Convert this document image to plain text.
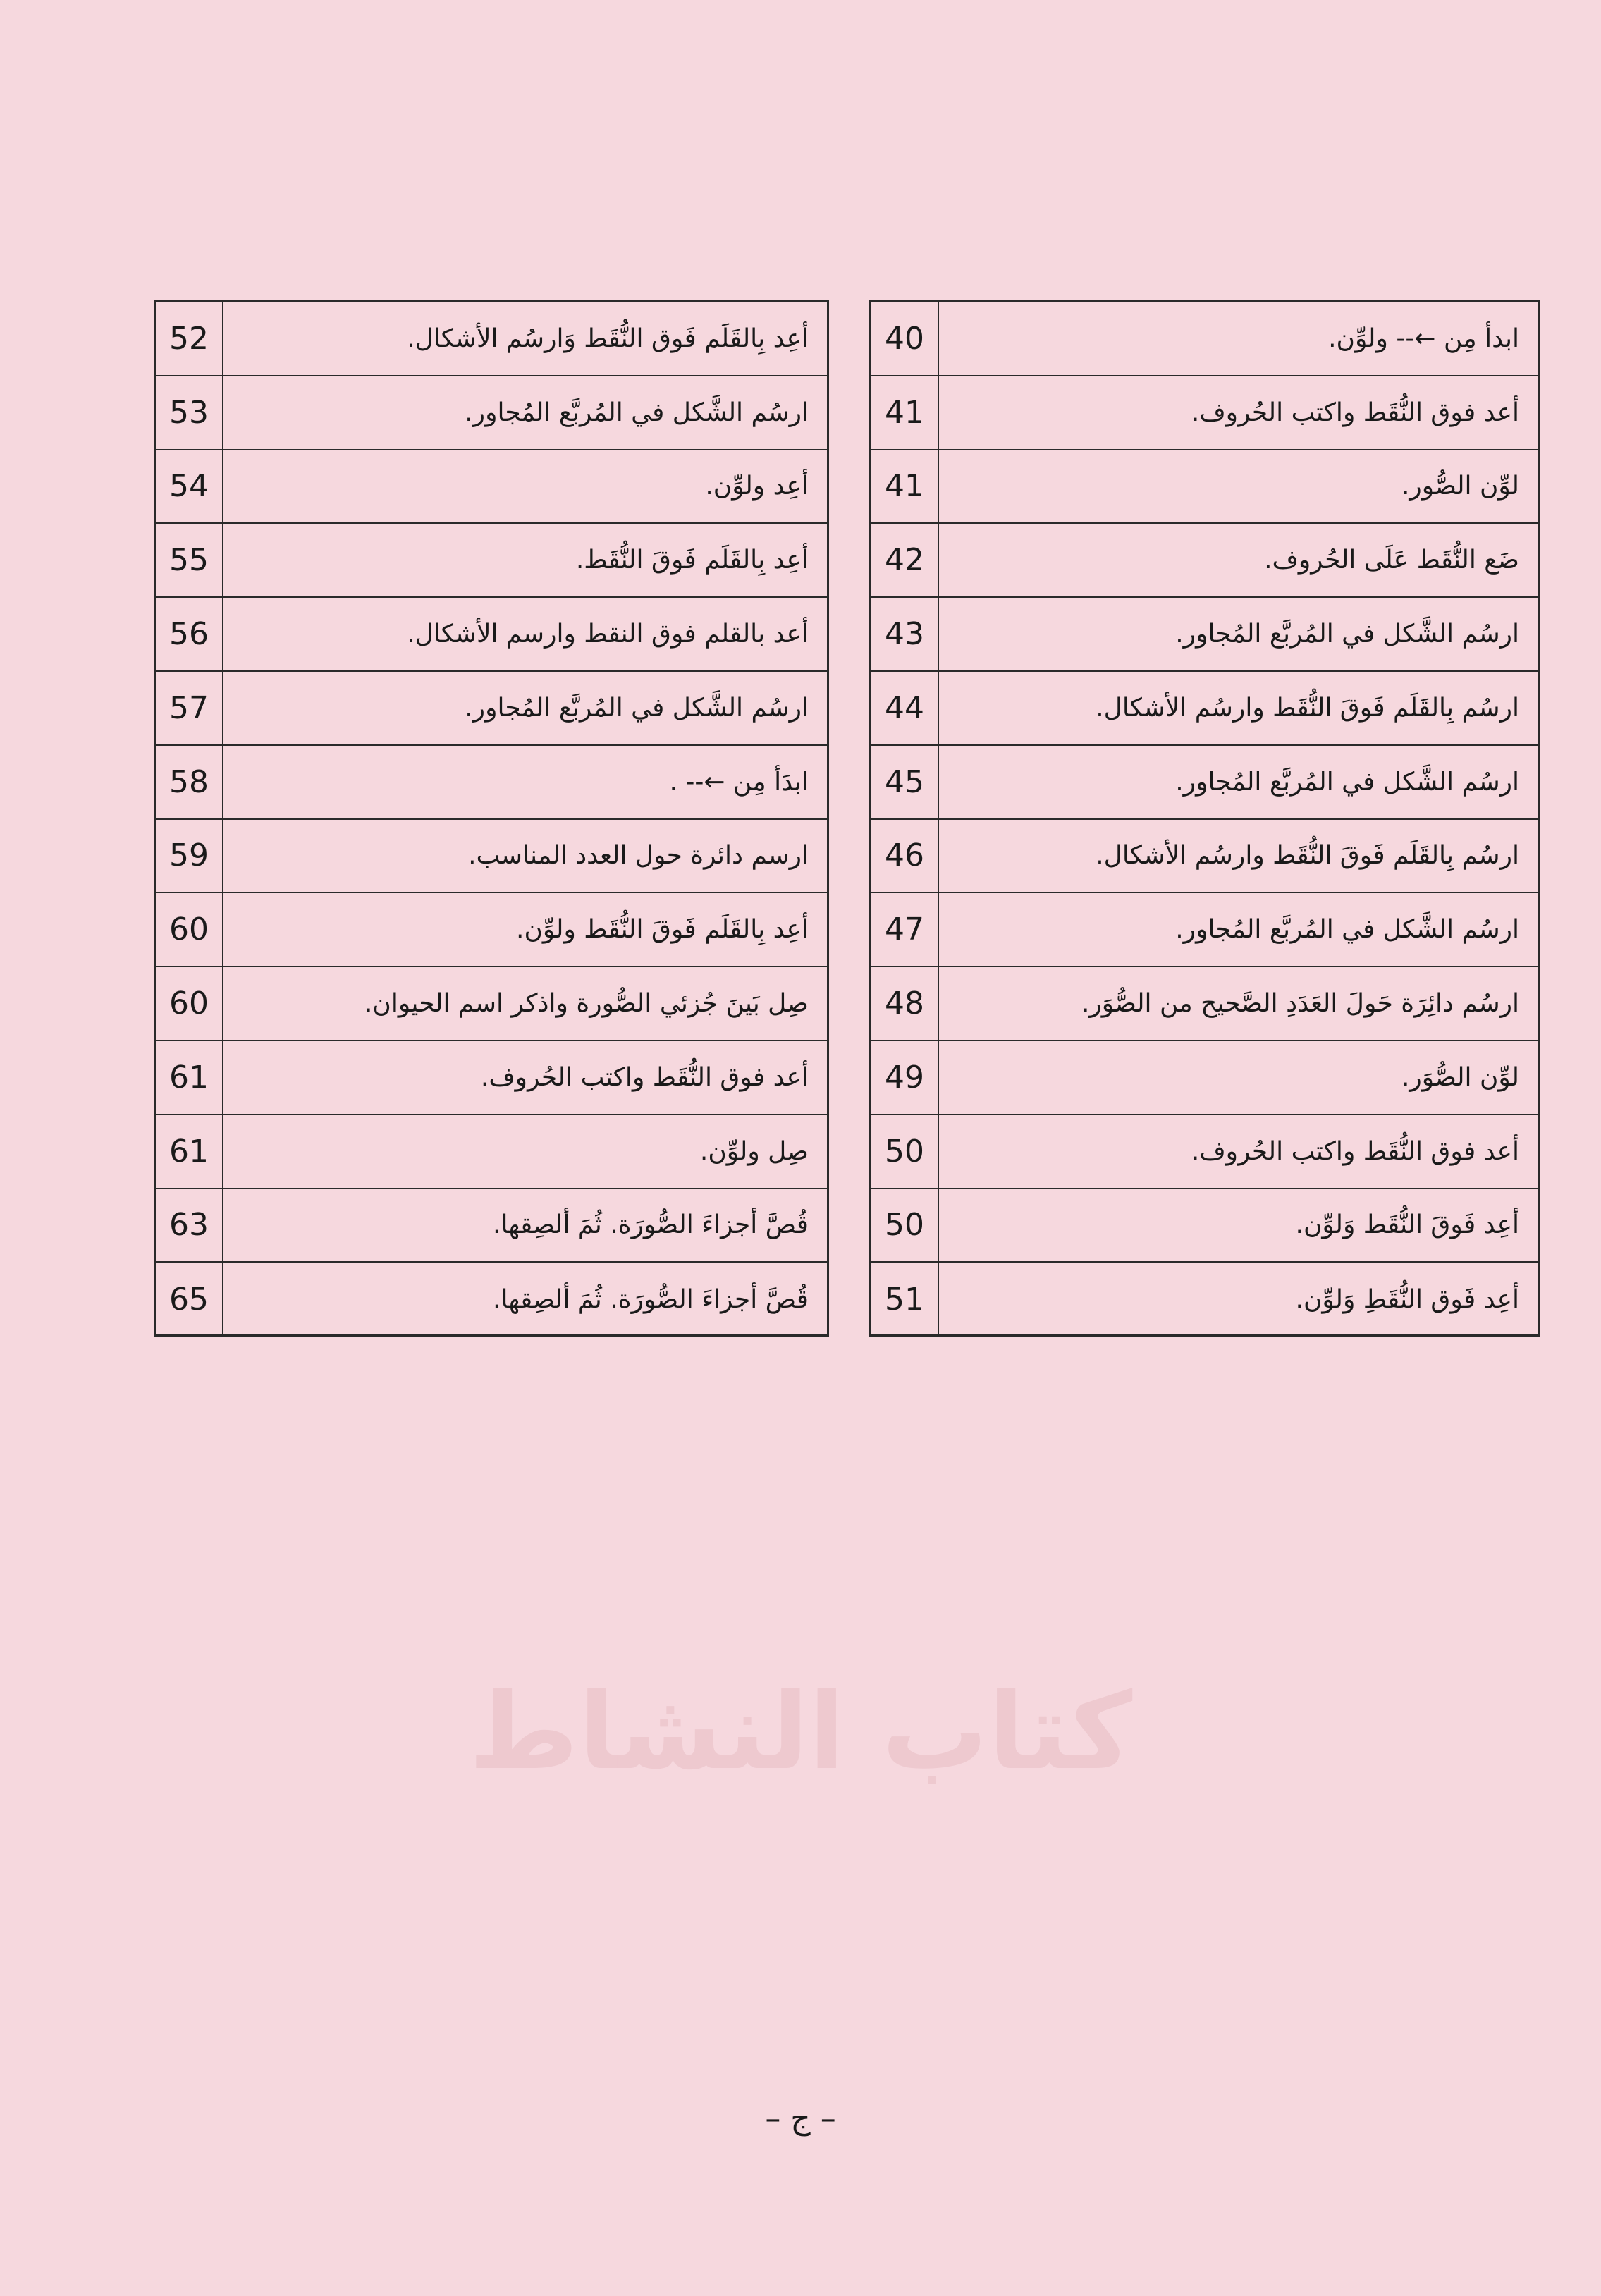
كتاب النشاط
52	أعِد بِالقَلَم فَوق النُّقَط وَارسُم الأشكال.
53	ارسُم الشَّكل في المُربَّع المُجاور.
54	أعِد ولوِّن.
55	أعِد بِالقَلَم فَوقَ النُّقَط.
56	أعد بالقلم فوق النقط وارسم الأشكال.
57	ارسُم الشَّكل في المُربَّع المُجاور.
58	ابدَأ مِن ←-- .
59	ارسم دائرة حول العدد المناسب.
60	أعِد بِالقَلَم فَوقَ النُّقَط ولوِّن.
60	صِل بَينَ جُزئي الصُّورة واذكر اسم الحيوان.
61	أعد فوق النُّقَط واكتب الحُروف.
61	صِل ولوِّن.
63	قُصَّ أجزاءَ الصُّورَة. ثُمَ ألصِقها.
65	قُصَّ أجزاءَ الصُّورَة. ثُمَ ألصِقها.
40	ابدأ مِن ←-- ولوِّن.
41	أعد فوق النُّقَط واكتب الحُروف.
41	لوِّن الصُّور.
42	ضَع النُّقَط عَلَى الحُروف.
43	ارسُم الشَّكل في المُربَّع المُجاور.
44	ارسُم بِالقَلَم فَوقَ النُّقَط وارسُم الأشكال.
45	ارسُم الشَّكل في المُربَّع المُجاور.
46	ارسُم بِالقَلَم فَوقَ النُّقَط وارسُم الأشكال.
47	ارسُم الشَّكل في المُربَّع المُجاور.
48	ارسُم دائِرَة حَولَ العَدَدِ الصَّحيح من الصُّوَر.
49	لوِّن الصُّوَر.
50	أعد فوق النُّقَط واكتب الحُروف.
50	أعِد فَوقَ النُّقَط وَلوِّن.
51	أعِد فَوق النُّقَطِ وَلوِّن.
– ج –
